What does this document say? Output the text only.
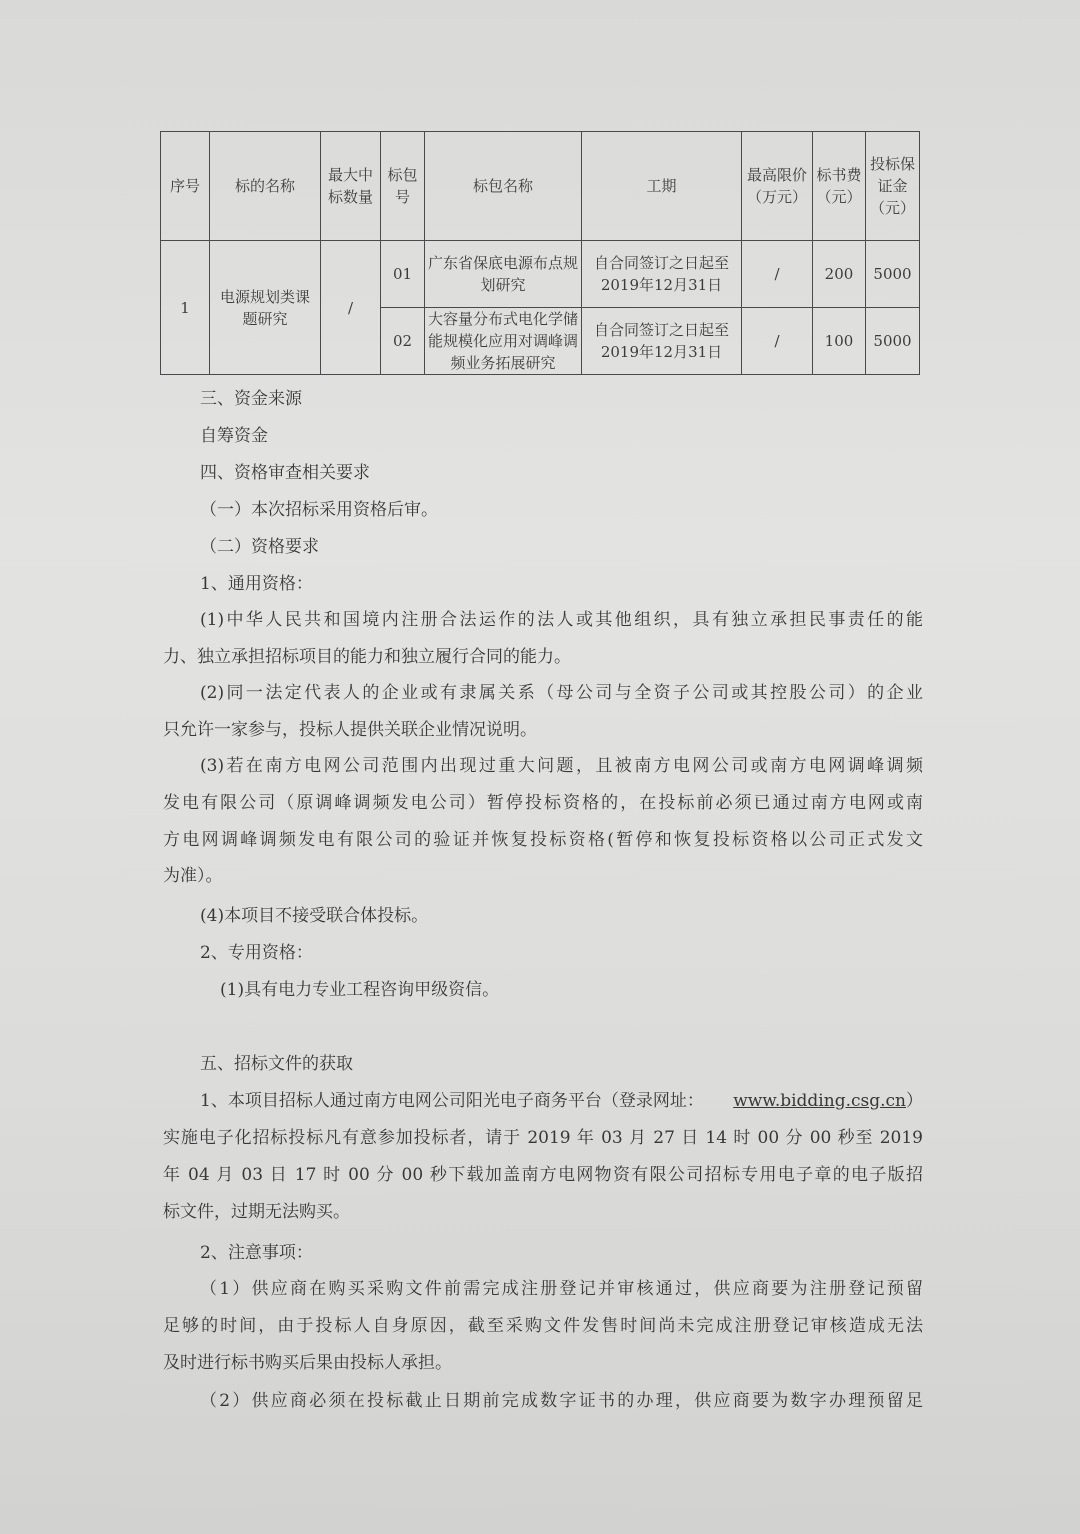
序号	标的名称	最大中标数量	标包号	标包名称	工期	最高限价（万元）	标书费（元）	投标保证金（元）
1	电源规划类课题研究	/	01	广东省保底电源布点规划研究	自合同签订之日起至2019年12月31日	/	200	5000
			02	大容量分布式电化学储能规模化应用对调峰调频业务拓展研究	自合同签订之日起至2019年12月31日	/	100	5000
三、资金来源
自筹资金
四、资格审查相关要求
（一）本次招标采用资格后审。
（二）资格要求
1、通用资格：
(1)中华人民共和国境内注册合法运作的法人或其他组织，具有独立承担民事责任的能
力、独立承担招标项目的能力和独立履行合同的能力。
(2)同一法定代表人的企业或有隶属关系（母公司与全资子公司或其控股公司）的企业
只允许一家参与，投标人提供关联企业情况说明。
(3)若在南方电网公司范围内出现过重大问题，且被南方电网公司或南方电网调峰调频
发电有限公司（原调峰调频发电公司）暂停投标资格的，在投标前必须已通过南方电网或南
方电网调峰调频发电有限公司的验证并恢复投标资格(暂停和恢复投标资格以公司正式发文
为准）。
(4)本项目不接受联合体投标。
2、专用资格：
(1)具有电力专业工程咨询甲级资信。
五、招标文件的获取
1、本项目招标人通过南方电网公司阳光电子商务平台（登录网址： www.bidding.csg.cn）
实施电子化招标投标凡有意参加投标者，请于 2019 年 03 月 27 日 14 时 00 分 00 秒至 2019
年 04 月 03 日 17 时 00 分 00 秒下载加盖南方电网物资有限公司招标专用电子章的电子版招
标文件，过期无法购买。
2、注意事项：
（1）供应商在购买采购文件前需完成注册登记并审核通过，供应商要为注册登记预留
足够的时间，由于投标人自身原因，截至采购文件发售时间尚未完成注册登记审核造成无法
及时进行标书购买后果由投标人承担。
（2）供应商必须在投标截止日期前完成数字证书的办理，供应商要为数字办理预留足
